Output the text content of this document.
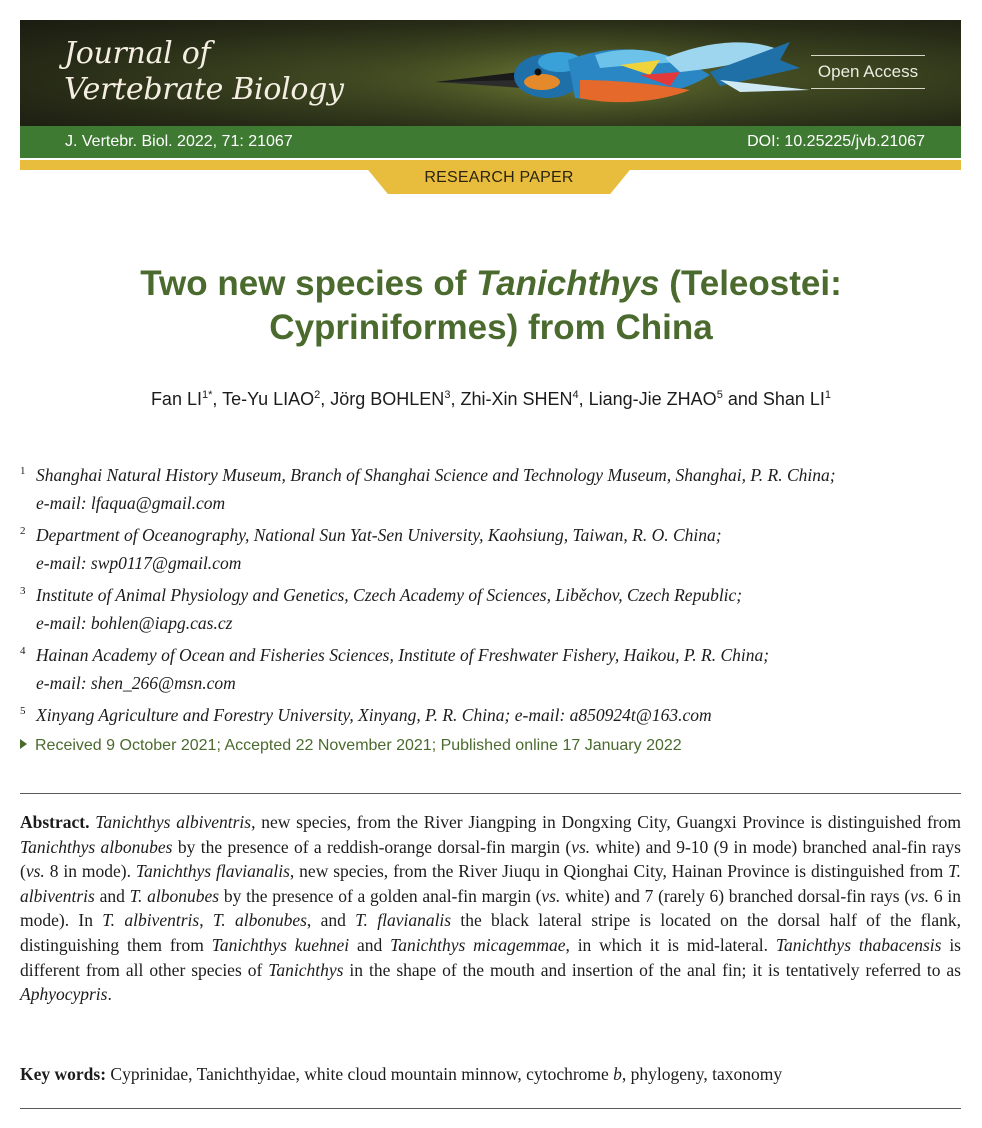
Journal of
Vertebrate Biology
Open Access
J. Vertebr. Biol. 2022, 71: 21067	DOI: 10.25225/jvb.21067
RESEARCH PAPER
Two new species of Tanichthys (Teleostei:
Cypriniformes) from China
Fan $LI^{1*}$, Te-Yu LIAO$^2$, Jörg BOHLEN$^3$, Zhi-Xin SHEN$^4$, Liang-Jie ZHAO$^5$ and Shan $LI^1$
1 Shanghai Natural History Museum, Branch of Shanghai Science and Technology Museum, Shanghai, P. R. China;
e-mail: lfaqua@gmail.com
2 Department of Oceanography, National Sun Yat-Sen University, Kaohsiung, Taiwan, R. O. China;
e-mail: swp0117@gmail.com
3 Institute of Animal Physiology and Genetics, Czech Academy of Sciences, Liběchov, Czech Republic;
e-mail: bohlen@iapg.cas.cz
4 Hainan Academy of Ocean and Fisheries Sciences, Institute of Freshwater Fishery, Haikou, P. R. China;
e-mail: shen_266@msn.com
5 Xinyang Agriculture and Forestry University, Xinyang, P. R. China; e-mail: a850924t@163.com
Received 9 October 2021; Accepted 22 November 2021; Published online 17 January 2022
Abstract. Tanichthys albiventris, new species, from the River Jiangping in Dongxing City, Guangxi Province is distinguished from Tanichthys albonubes by the presence of a reddish-orange dorsal-fin margin (vs. white) and 9-10 (9 in mode) branched anal-fin rays (vs. 8 in mode). Tanichthys flavianalis, new species, from the River Jiuqu in Qionghai City, Hainan Province is distinguished from T. albiventris and T. albonubes by the presence of a golden anal-fin margin (vs. white) and 7 (rarely 6) branched dorsal-fin rays (vs. 6 in mode). In T. albiventris, T. albonubes, and T. flavianalis the black lateral stripe is located on the dorsal half of the flank, distinguishing them from Tanichthys kuehnei and Tanichthys micagemmae, in which it is mid-lateral. Tanichthys thabacensis is different from all other species of Tanichthys in the shape of the mouth and insertion of the anal fin; it is tentatively referred to as Aphyocypris.
Key words: Cyprinidae, Tanichthyidae, white cloud mountain minnow, cytochrome b, phylogeny, taxonomy
